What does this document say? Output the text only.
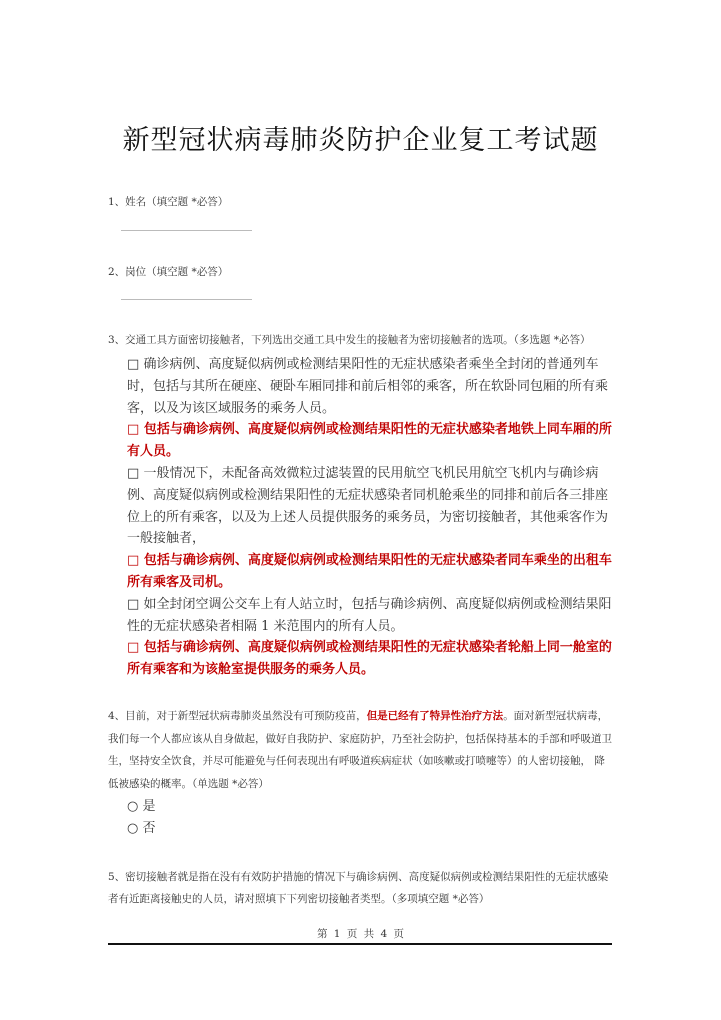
新型冠状病毒肺炎防护企业复工考试题
1、姓名（填空题 *必答）
2、岗位（填空题 *必答）
3、交通工具方面密切接触者，下列选出交通工具中发生的接触者为密切接触者的选项。（多选题 *必答）

□ 确诊病例、高度疑似病例或检测结果阳性的无症状感染者乘坐全封闭的普通列车时，包括与其所在硬座、硬卧车厢同排和前后相邻的乘客，所在软卧同包厢的所有乘客，以及为该区域服务的乘务人员。

□ 包括与确诊病例、高度疑似病例或检测结果阳性的无症状感染者地铁上同车厢的所有人员。

□ 一般情况下，未配备高效微粒过滤装置的民用航空飞机民用航空飞机内与确诊病例、高度疑似病例或检测结果阳性的无症状感染者同机舱乘坐的同排和前后各三排座位上的所有乘客，以及为上述人员提供服务的乘务员，为密切接触者，其他乘客作为一般接触者，

□ 包括与确诊病例、高度疑似病例或检测结果阳性的无症状感染者同车乘坐的出租车所有乘客及司机。

□ 如全封闭空调公交车上有人站立时，包括与确诊病例、高度疑似病例或检测结果阳性的无症状感染者相隔 1 米范围内的所有人员。

□ 包括与确诊病例、高度疑似病例或检测结果阳性的无症状感染者轮船上同一舱室的所有乘客和为该舱室提供服务的乘务人员。

4、目前，对于新型冠状病毒肺炎虽然没有可预防疫苗，但是已经有了特异性治疗方法。面对新型冠状病毒，我们每一个人都应该从自身做起，做好自我防护、家庭防护，乃至社会防护，包括保持基本的手部和呼吸道卫生，坚持安全饮食，并尽可能避免与任何表现出有呼吸道疾病症状（如咳嗽或打喷嚏等）的人密切接触， 降低被感染的概率。（单选题 *必答）
○ 是
○ 否
5、密切接触者就是指在没有有效防护措施的情况下与确诊病例、高度疑似病例或检测结果阳性的无症状感染者有近距离接触史的人员，请对照填下下列密切接触者类型。（多项填空题 *必答）
第 1 页 共 4 页
